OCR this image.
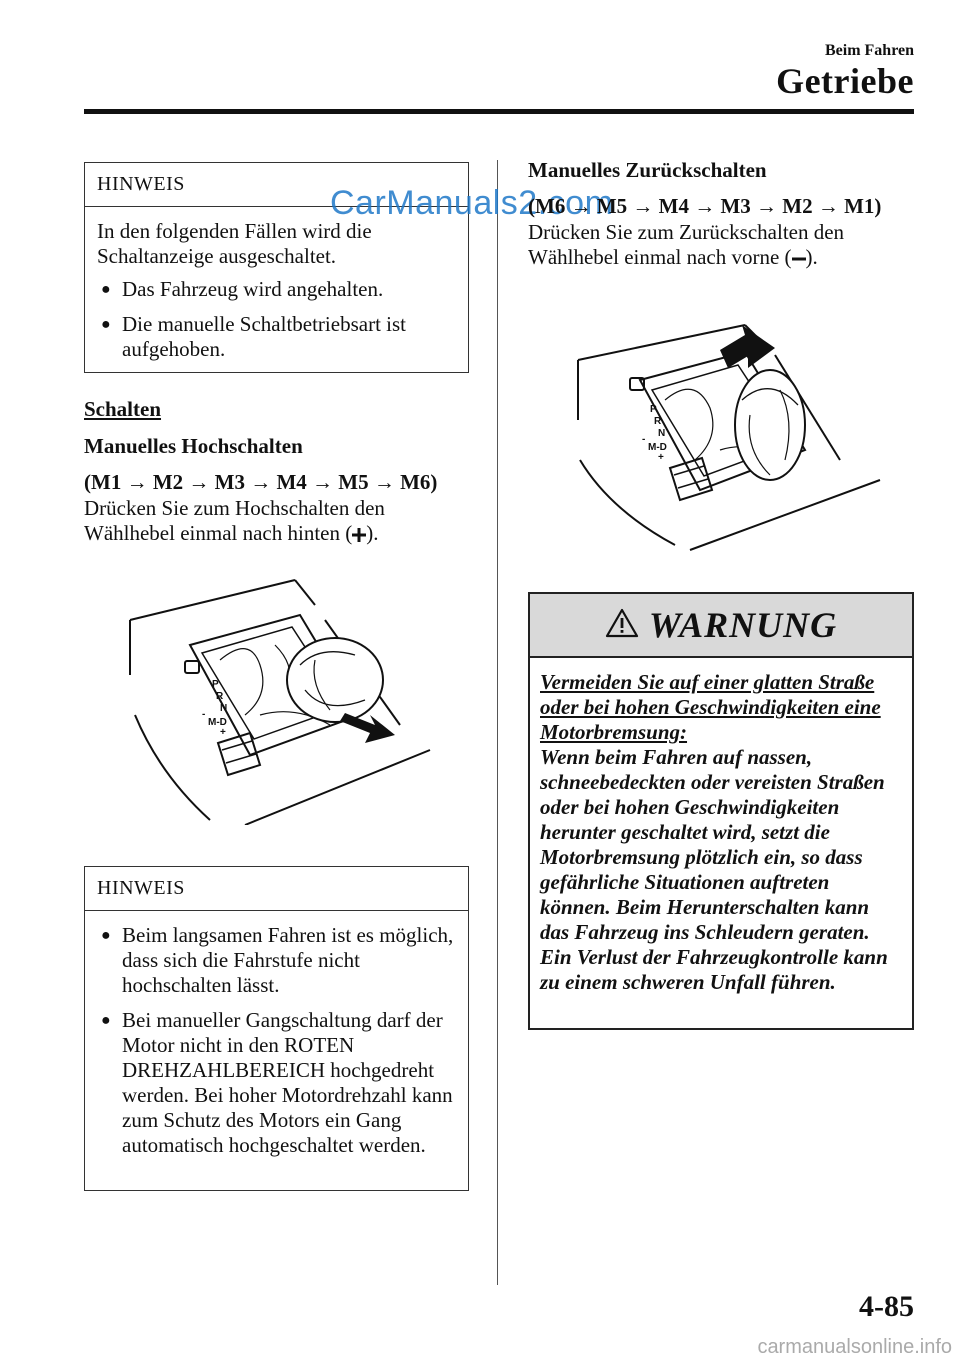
Beim Fahren
Getriebe
HINWEIS

In den folgenden Fällen wird die Schaltanzeige ausgeschaltet.

● Das Fahrzeug wird angehalten.
● Die manuelle Schaltbetriebsart ist aufgehoben.
CarManuals2.com
Schalten
Manuelles Hochschalten
(M1 → M2 → M3 → M4 → M5 → M6)
Drücken Sie zum Hochschalten den Wählhebel einmal nach hinten ( ).
P
R
N
M-D
-
+
HINWEIS
● Beim langsamen Fahren ist es möglich, dass sich die Fahrstufe nicht hochschalten lässt.
● Bei manueller Gangschaltung darf der Motor nicht in den ROTEN DREHZAHLBEREICH hochgedreht werden. Bei hoher Motordrehzahl kann zum Schutz des Motors ein Gang automatisch hochgeschaltet werden.
Manuelles Zurückschalten
(M6 → M5 → M4 → M3 → M2 → M1)
Drücken Sie zum Zurückschalten den Wählhebel einmal nach vorne ( ).
P
R
N
M-D
-
+
WARNUNG
Vermeiden Sie auf einer glatten Straße oder bei hohen Geschwindigkeiten eine Motorbremsung:
Wenn beim Fahren auf nassen, schneebedeckten oder vereisten Straßen oder bei hohen Geschwindigkeiten herunter geschaltet wird, setzt die Motorbremsung plötzlich ein, so dass gefährliche Situationen auftreten können. Beim Herunterschalten kann das Fahrzeug ins Schleudern geraten. Ein Verlust der Fahrzeugkontrolle kann zu einem schweren Unfall führen.
4-85
carmanualsonline.info
